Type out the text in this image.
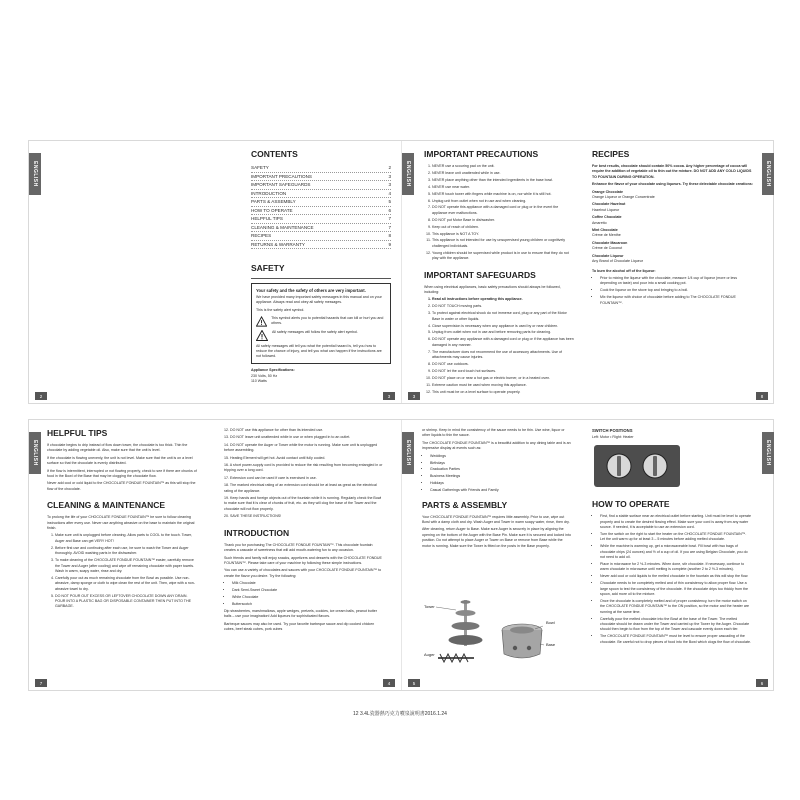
ENGLISH
CONTENTS
SAFETY	2
IMPORTANT PRECAUTIONS	3
IMPORTANT SAFEGUARDS	3
INTRODUCTION	4
PARTS & ASSEMBLY	5
HOW TO OPERATE	6
HELPFUL TIPS	7
CLEANING & MAINTENANCE	7
RECIPES	8
RETURNS & WARRANTY	9
SAFETY

Your safety and the safety of others are very important.

We have provided many important safety messages in this manual and on your appliance. Always read and obey all safety messages.

This is the safety alert symbol.

This symbol alerts you to potential hazards that can kill or hurt you and others.
All safety messages will follow the safety alert symbol.

All safety messages will tell you what the potential hazard is, tell you how to reduce the chance of injury, and tell you what can happen if the instructions are not followed.

Appliance Specifications:

230 Volts, 50 Hz
110 Watts
2	3
ENGLISH
IMPORTANT PRECAUTIONS
1. NEVER use a scouring pad on the unit.
2. NEVER leave unit unattended while in use.
3. NEVER place anything other than the intended ingredients in the base bowl.
4. NEVER use near water.
5. NEVER touch tower with fingers while machine is on, nor while it is still hot.
6. Unplug unit from outlet when not in use and when cleaning.
7. DO NOT operate this appliance with a damaged cord or plug or in the event the appliance ever malfunctions.
8. DO NOT put Motor Base in dishwasher.
9. Keep out of reach of children.
10. This appliance is NOT A TOY.
11. This appliance is not intended for use by unsupervised young children or cognitively challenged individuals.
12. Young children should be supervised while product is in use to ensure that they do not play with the appliance.
IMPORTANT SAFEGUARDS

When using electrical appliances, basic safety precautions should always be followed, including:

1. Read all instructions before operating this appliance.
2. DO NOT TOUCH moving parts.
3. To protect against electrical shock do not immerse cord, plug or any part of the Motor Base in water or other liquids.
4. Close supervision is necessary when any appliance is used by or near children.
5. Unplug from outlet when not in use and before removing parts for cleaning.
6. DO NOT operate any appliance with a damaged cord or plug or if the appliance has been damaged in any manner.
7. The manufacturer does not recommend the use of accessory attachments. Use of attachments may cause injuries.
8. DO NOT use outdoors.
9. DO NOT let the cord touch hot surfaces.
10. DO NOT place on or near a hot gas or electric burner, or in a heated oven.
11. Extreme caution must be used when moving this appliance.
12. This unit must be on a level surface to operate properly.
RECIPES

For best results, chocolate should contain 50% cocoa. Any higher percentage of cocoa will require the addition of vegetable oil to thin out the mixture. DO NOT ADD ANY COLD LIQUIDS TO FOUNTAIN DURING OPERATION.

Enhance the flavor of your chocolate using liqueurs. Try these delectable chocolate creations:

Orange Chocolate

Orange Liqueur or Orange Concentrate

Chocolate Hazelnut

Hazelnut Liqueur

Coffee Chocolate

Amaretto

Mint Chocolate

Crème de Menthe

Chocolate Macaroon

Crème de Coconut

Chocolate Liqueur

Any Brand of Chocolate Liqueur

To burn the alcohol off of the liqueur:

• Prior to mixing the liqueur with the chocolate, measure 1/4 cup of liqueur (more or less depending on taste) and pour into a small cooking pot.
• Cook the liqueur on the stove top and bringing to a boil.
• Mix the liqueur with choice of chocolate before adding to The CHOCOLATE FONDUE FOUNTAIN™.
3	8
ENGLISH
ENGLISH
HELPFUL TIPS

If chocolate begins to drip instead of flow down tower, the chocolate is too thick. Thin the chocolate by adding vegetable oil. Also, make sure that the unit is level.

If the chocolate is flowing unevenly, the unit is not level. Make sure that the unit is on a level surface so that the chocolate is evenly distributed.

If the flow is intermittent, interrupted or not flowing properly, check to see if there are chunks of food in the Bowl of the Base that may be clogging the chocolate flow.

Never add cool or cold liquid to the CHOCOLATE FONDUE FOUNTAIN™ as this will stop the flow of the chocolate.

CLEANING & MAINTENANCE

To prolong the life of your CHOCOLATE FONDUE FOUNTAIN™ be sure to follow cleaning instructions after every use. Never use anything abrasive on the base to maintain the original finish.

1. Make sure unit is unplugged before cleaning. Allow parts to COOL to the touch. Tower, Auger and Base can get VERY HOT!
2. Before first use and continuing after each use, be sure to wash the Tower and Auger thoroughly. AVOID washing parts in the dishwasher.
3. To make cleaning of the CHOCOLATE FONDUE FOUNTAIN™ easier, carefully remove the Tower and Auger (after cooling) and wipe off remaining chocolate with paper towels. Wash in warm, soapy water, rinse and dry.
4. Carefully pour out as much remaining chocolate from the Bowl as possible. Use non-abrasive, damp sponge or cloth to wipe clean the rest of the unit. Then, wipe with a non-abrasive towel to dry.
5. DO NOT POUR OUT EXCESS OR LEFTOVER CHOCOLATE DOWN ANY DRAIN. POUR INTO A PLASTIC BAG OR DISPOSABLE CONTAINER THEN PUT INTO THE GARBAGE.

12. DO NOT use this appliance for other than its intended use.

13. DO NOT leave unit unattended while in use or when plugged in to an outlet.

14. DO NOT operate the Auger or Tower while the motor is running. Make sure unit is unplugged before assembling.

15. Heating Element will get hot. Avoid contact until fully cooled.

16. A short power-supply cord is provided to reduce the risk resulting from becoming entangled in or tripping over a long cord.

17. Extension cord can be used if care is exercised in use.

18. The marked electrical rating of an extension cord should be at least as great as the electrical rating of the appliance.

19. Keep hands and foreign objects out of the fountain while it is running. Regularly check the Bowl to make sure that it is clear of chunks of fruit, etc. as they will clog the base of the Tower and the chocolate will not flow properly.

20. SAVE THESE INSTRUCTIONS!

INTRODUCTION

Thank you for purchasing The CHOCOLATE FONDUE FOUNTAIN™. This chocolate fountain creates a cascade of sweetness that will add mouth-watering fun to any occasion.

Such friends and family will enjoy snacks, appetizers and desserts with the CHOCOLATE FONDUE FOUNTAIN™. Please take care of your machine by following these simple instructions.

You can use a variety of chocolates and sauces with your CHOCOLATE FONDUE FOUNTAIN™ to create the flavor you desire. Try the following:

• Milk Chocolate
• Dark Semi-Sweet Chocolate
• White Chocolate
• Butterscotch

Dip strawberries, marshmallows, apple wedges, pretzels, cookies, ice cream balls, peanut butter balls – use your imagination! Add liqueurs for sophisticated flavors.

Barbeque sauces may also be used. Try your favorite barbeque sauce and dip cooked chicken cubes, beef steak cubes, pork cubes

7	4
ENGLISH

or shrimp. Keep in mind the consistency of the sauce needs to be thin. Use wine, liquor or other liquids to thin the sauce.

The CHOCOLATE FONDUE FOUNTAIN™ is a beautiful addition to any dining table and is an impressive display at events such as:

• Weddings
• Birthdays
• Graduation Parties
• Business Meetings
• Holidays
• Casual Gatherings with Friends and Family
PARTS & ASSEMBLY

Your CHOCOLATE FONDUE FOUNTAIN™ requires little assembly. Prior to use, wipe out Bowl with a damp cloth and dry. Wash Auger and Tower in warm soapy water, rinse, then dry.

After cleaning, return Auger to Base. Make sure Auger is securely in place by aligning the opening on the bottom of the Auger with the Base Pin. Make sure it is secured and locked into position. Do not attempt to place Auger or Tower on Base or remove from Base while the motor is running. Make sure the Tower is fitted on the posts in the Base properly.

Tower
Auger
Bowl
Base

SWITCH POSITIONS

Left: Motor • Right: Heater

HOW TO OPERATE
• First, find a stable surface near an electrical outlet before starting. Unit must be level to operate properly and to create the desired flowing effect. Make sure your cord is away from any water source. If needed, it is acceptable to use an extension cord.
• Turn the switch on the right to start the heater on the CHOCOLATE FONDUE FOUNTAIN™. Let the unit warm up for at least 3 – 5 minutes before adding melted chocolate.
• While the machine is warming up, get a microwaveable bowl. Fill bowl with two bags of chocolate chips (24 ounces) and ½ of a cup of oil. If you are using Belgian Chocolate, you do not need to add oil.
• Place in microwave for 2 ½-3 minutes. When done, stir chocolate. If necessary, continue to warm chocolate in microwave until melting is complete (another 2 to 2 ½-3 minutes).
• Never add cool or cold liquids to the melted chocolate in the fountain as this will stop the flow.
• Chocolate needs to be completely melted and of thin consistency to allow proper flow. Use a large spoon to test the consistency of the chocolate. If the chocolate drips too thickly from the spoon, add more oil to the mixture.
• Once the chocolate is completely melted and of proper consistency, turn the motor switch on the CHOCOLATE FONDUE FOUNTAIN™ to the ON position, so the motor and the heater are running at the same time.
• Carefully pour the melted chocolate into the Bowl at the base of the Tower. The melted chocolate should be drawn under the Tower and carried up the Tower by the Auger. Chocolate should then begin to flow from the top of the Tower and cascade evenly down each tier.
• The CHOCOLATE FONDUE FOUNTAIN™ must be level to ensure proper cascading of the chocolate. Be careful not to drop pieces of food into the Bowl which clogs the flow of chocolate.
5	6
ENGLISH
12 3.4L瓷器熱巧克力噴泉說明書2016.1.24
